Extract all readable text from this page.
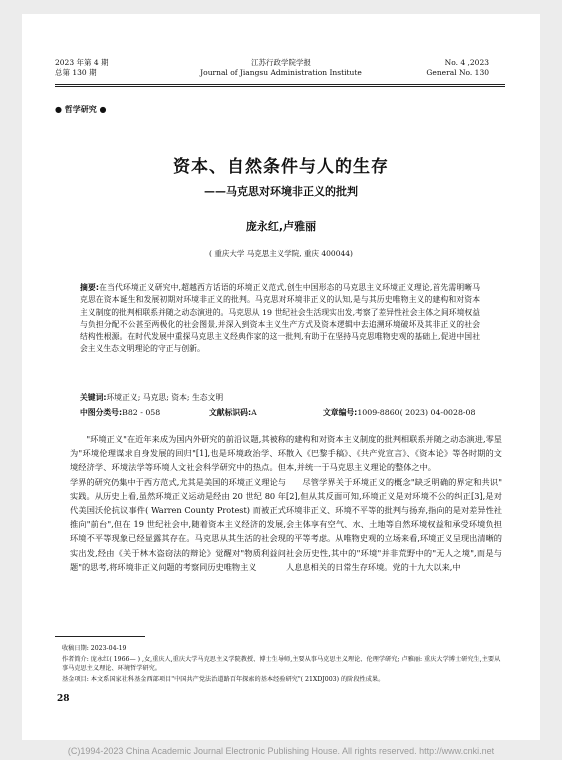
2023 年第 4 期
总第 130 期
江苏行政学院学报
Journal of Jiangsu Administration Institute
No. 4 ,2023
General No. 130
● 哲学研究 ●
资本、自然条件与人的生存
——马克思对环境非正义的批判
庞永红,卢雅丽
( 重庆大学 马克思主义学院, 重庆 400044)
摘要:在当代环境正义研究中,超越西方话语的环境正义范式,创生中国形态的马克思主义环境正义理论,首先需明晰马克思在资本诞生和发展初期对环境非正义的批判。马克思对环境非正义的认知,是与其历史唯物主义的建构和对资本主义制度的批判相联系并随之动态演进的。马克思从 19 世纪社会生活现实出发,考察了差异性社会主体之间环境权益与负担分配不公甚至两极化的社会图景,并深入到资本主义生产方式及资本逻辑中去追溯环境破坏及其非正义的社会结构性根源。在时代发展中重探马克思主义经典作家的这一批判,有助于在坚持马克思唯物史观的基础上,促进中国社会主义生态文明理论的守正与创新。
关键词:环境正义; 马克思; 资本; 生态文明
中图分类号:B82 - 058	文献标识码:A	文章编号:1009-8860( 2023) 04-0028-08

"环境正义"在近年来成为国内外研究的前沿议题,其被称为"环境伦理谋求自身发展的回归"[1],也是环境政治学、环境经济学、环境法学等环境人文社会科学研究中的热点。但学界的研究仍集中于西方范式,尤其是美国的环境正义理论与实践。从历史上看,虽然环境正义运动是经由 20 世纪 80 年代美国沃伦抗议事件( Warren County Protest) 而被正式推向"前台",但在 19 世纪社会中,随着资本主义经济的发展,环境不平等现象已经显露其存在。马克思从其生活的社会现实出发,经由《关于林木盗窃法的辩论》觉醒对"物质利益问题"的思考,将环境非正义问题的考察同历史唯物主义

的建构和对资本主义制度的批判相联系并随之动态演进,零星散入《巴黎手稿》、《共产党宣言》、《资本论》等各时期的文本,并统一于马克思主义理论的整体之中。

尽管学界关于环境正义的概念"缺乏明确的界定和共识"[2],但从其反面可知,环境正义是对环境不公的纠正[3],是对环境非正义、环境不平等的批判与扬弃,指向的是对差异性社会主体享有空气、水、土地等自然环境权益和承受环境负担的平等考虑。从唯物史观的立场来看,环境正义呈现出清晰的社会历史性,其中的"环境"并非荒野中的"无人之境",而是与人息息相关的日常生存环境。党的十九大以来,中

收稿日期: 2023-04-19
作者简介: 庞永红( 1966— ) ,女,重庆人,重庆大学马克思主义学院教授、博士生导师,主要从事马克思主义理论、伦理学研究; 卢雅丽: 重庆大学博士研究生,主要从事马克思主义理论、环境哲学研究。
基金项目: 本文系国家社科基金西部项目"中国共产党法治道路百年探索的基本经验研究"( 21XDJ003) 的阶段性成果。
28
(C)1994-2023 China Academic Journal Electronic Publishing House. All rights reserved. http://www.cnki.net
